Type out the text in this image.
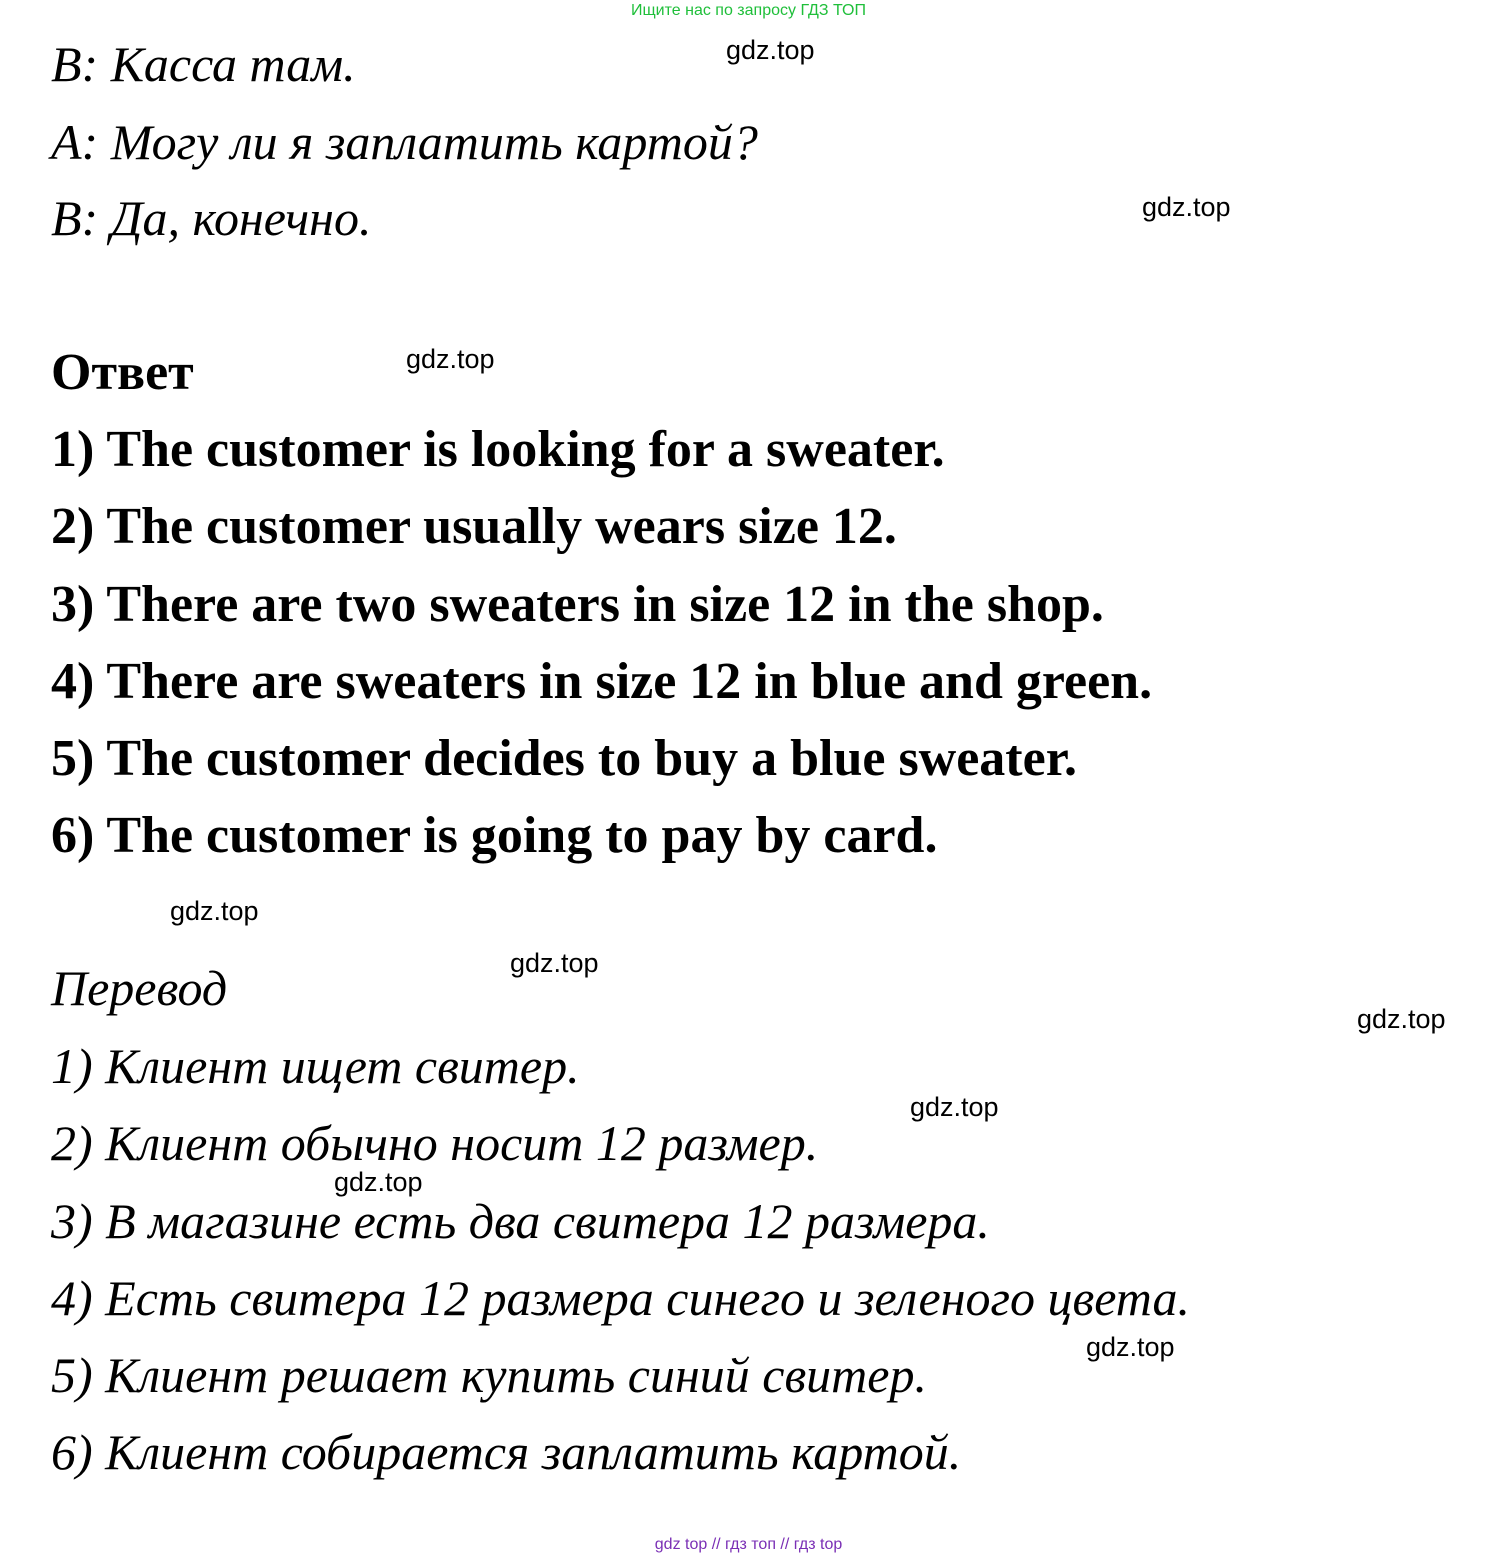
Ищите нас по запросу ГДЗ ТОП
B: Касса там.
A: Могу ли я заплатить картой?
B: Да, конечно.
Ответ
1) The customer is looking for a sweater.
2) The customer usually wears size 12.
3) There are two sweaters in size 12 in the shop.
4) There are sweaters in size 12 in blue and green.
5) The customer decides to buy a blue sweater.
6) The customer is going to pay by card.
Перевод
1) Клиент ищет свитер.
2) Клиент обычно носит 12 размер.
3) В магазине есть два свитера 12 размера.
4) Есть свитера 12 размера синего и зеленого цвета.
5) Клиент решает купить синий свитер.
6) Клиент собирается заплатить картой.
gdz.top
gdz.top
gdz.top
gdz.top
gdz.top
gdz.top
gdz.top
gdz.top
gdz.top
gdz top // гдз топ // гдз top
